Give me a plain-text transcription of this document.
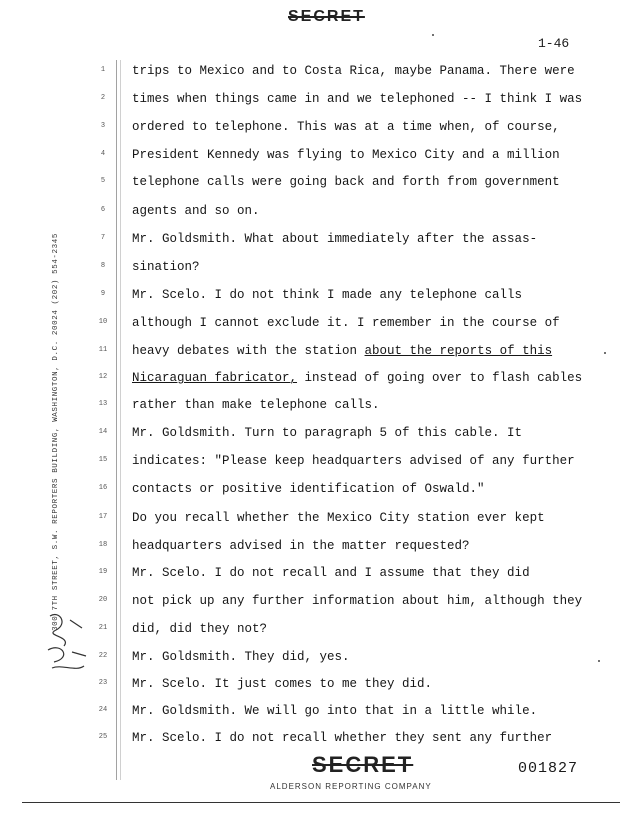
SECRET
1-46
300 7TH STREET, S.W. REPORTERS BUILDING, WASHINGTON, D.C. 20024 (202) 554-2345
1
2
3
4
5
6
7
8
9
10
11
12
13
14
15
16
17
18
19
20
21
22
23
24
25
trips to Mexico and to Costa Rica, maybe Panama. There were
times when things came in and we telephoned -- I think I was
ordered to telephone. This was at a time when, of course,
President Kennedy was flying to Mexico City and a million
telephone calls were going back and forth from government
agents and so on.
Mr. Goldsmith. What about immediately after the assas-
sination?
Mr. Scelo. I do not think I made any telephone calls
although I cannot exclude it. I remember in the course of
heavy debates with the station about the reports of this
Nicaraguan fabricator, instead of going over to flash cables
rather than make telephone calls.
Mr. Goldsmith. Turn to paragraph 5 of this cable. It
indicates: "Please keep headquarters advised of any further
contacts or positive identification of Oswald."
Do you recall whether the Mexico City station ever kept
headquarters advised in the matter requested?
Mr. Scelo. I do not recall and I assume that they did
not pick up any further information about him, although they
did, did they not?
Mr. Goldsmith. They did, yes.
Mr. Scelo. It just comes to me they did.
Mr. Goldsmith. We will go into that in a little while.
Mr. Scelo. I do not recall whether they sent any further
SECRET	001827
ALDERSON REPORTING COMPANY
